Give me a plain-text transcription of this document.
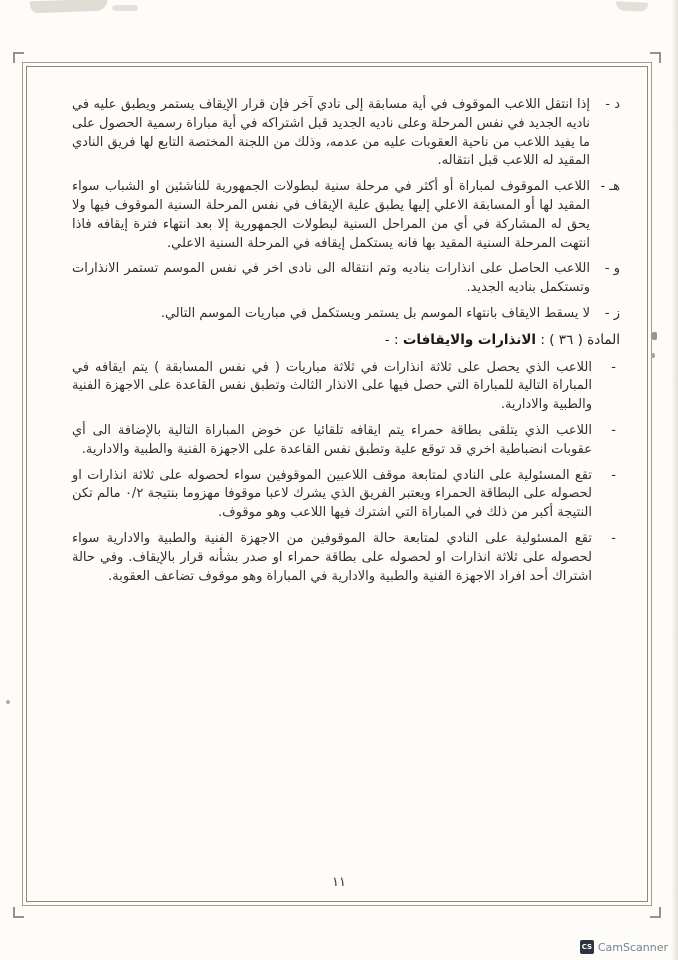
د -
إذا انتقل اللاعب الموقوف في أية مسابقة إلى نادي آخر فإن قرار الإيقاف يستمر ويطبق عليه في ناديه الجديد في نفس المرحلة وعلى ناديه الجديد قبل اشتراكه في أية مباراة رسمية الحصول على ما يفيد اللاعب من ناحية العقوبات عليه من عدمه، وذلك من اللجنة المختصة التابع لها فريق النادي المقيد له اللاعب قبل انتقاله.
هـ -
اللاعب الموقوف لمباراة أو أكثر في مرحلة سنية لبطولات الجمهورية للناشئين او الشباب سواء المقيد لها أو المسابقة الاعلي إليها يطبق علية الإيقاف في نفس المرحلة السنية الموقوف فيها ولا يحق له المشاركة في أي من المراحل السنية لبطولات الجمهورية إلا بعد انتهاء فترة إيقافه فاذا انتهت المرحلة السنية المقيد بها فانه يستكمل إيقافه في المرحلة السنية الاعلي.
و -
اللاعب الحاصل على انذارات بناديه وتم انتقاله الى نادى اخر في نفس الموسم تستمر الانذارات وتستكمل بناديه الجديد.
ز -
لا يسقط الايقاف بانتهاء الموسم بل يستمر ويستكمل في مباريات الموسم التالي.
المادة ( ٣٦ ) : الانذارات والايقافات : -
-
اللاعب الذي يحصل على ثلاثة انذارات في ثلاثة مباريات ( في نفس المسابقة ) يتم ايقافه في المباراة التالية للمباراة التي حصل فيها على الانذار الثالث وتطبق نفس القاعدة على الاجهزة الفنية والطبية والادارية.
-
اللاعب الذي يتلقى بطاقة حمراء يتم ايقافه تلقائيا عن خوض المباراة التالية بالإضافة الى أي عقوبات انضباطية اخري قد توقع علية وتطبق نفس القاعدة على الاجهزة الفنية والطبية والادارية.
-
تقع المسئولية على النادي لمتابعة موقف اللاعبين الموقوفين سواء لحصوله على ثلاثة انذارات او لحصوله على البطاقة الحمراء ويعتبر الفريق الذي يشرك لاعبا موقوفا مهزوما بنتيجة ٠/٢ مالم تكن النتيجة أكبر من ذلك في المباراة التي اشترك فيها اللاعب وهو موقوف.
-
تقع المسئولية على النادي لمتابعة حالة الموقوفين من الاجهزة الفنية والطبية والادارية سواء لحصوله على ثلاثة انذارات او لحصوله على بطاقة حمراء او صدر بشأنه قرار بالإيقاف. وفي حالة اشتراك أحد افراد الاجهزة الفنية والطبية والادارية في المباراة وهو موقوف تضاعف العقوبة.
١١
CS CamScanner
